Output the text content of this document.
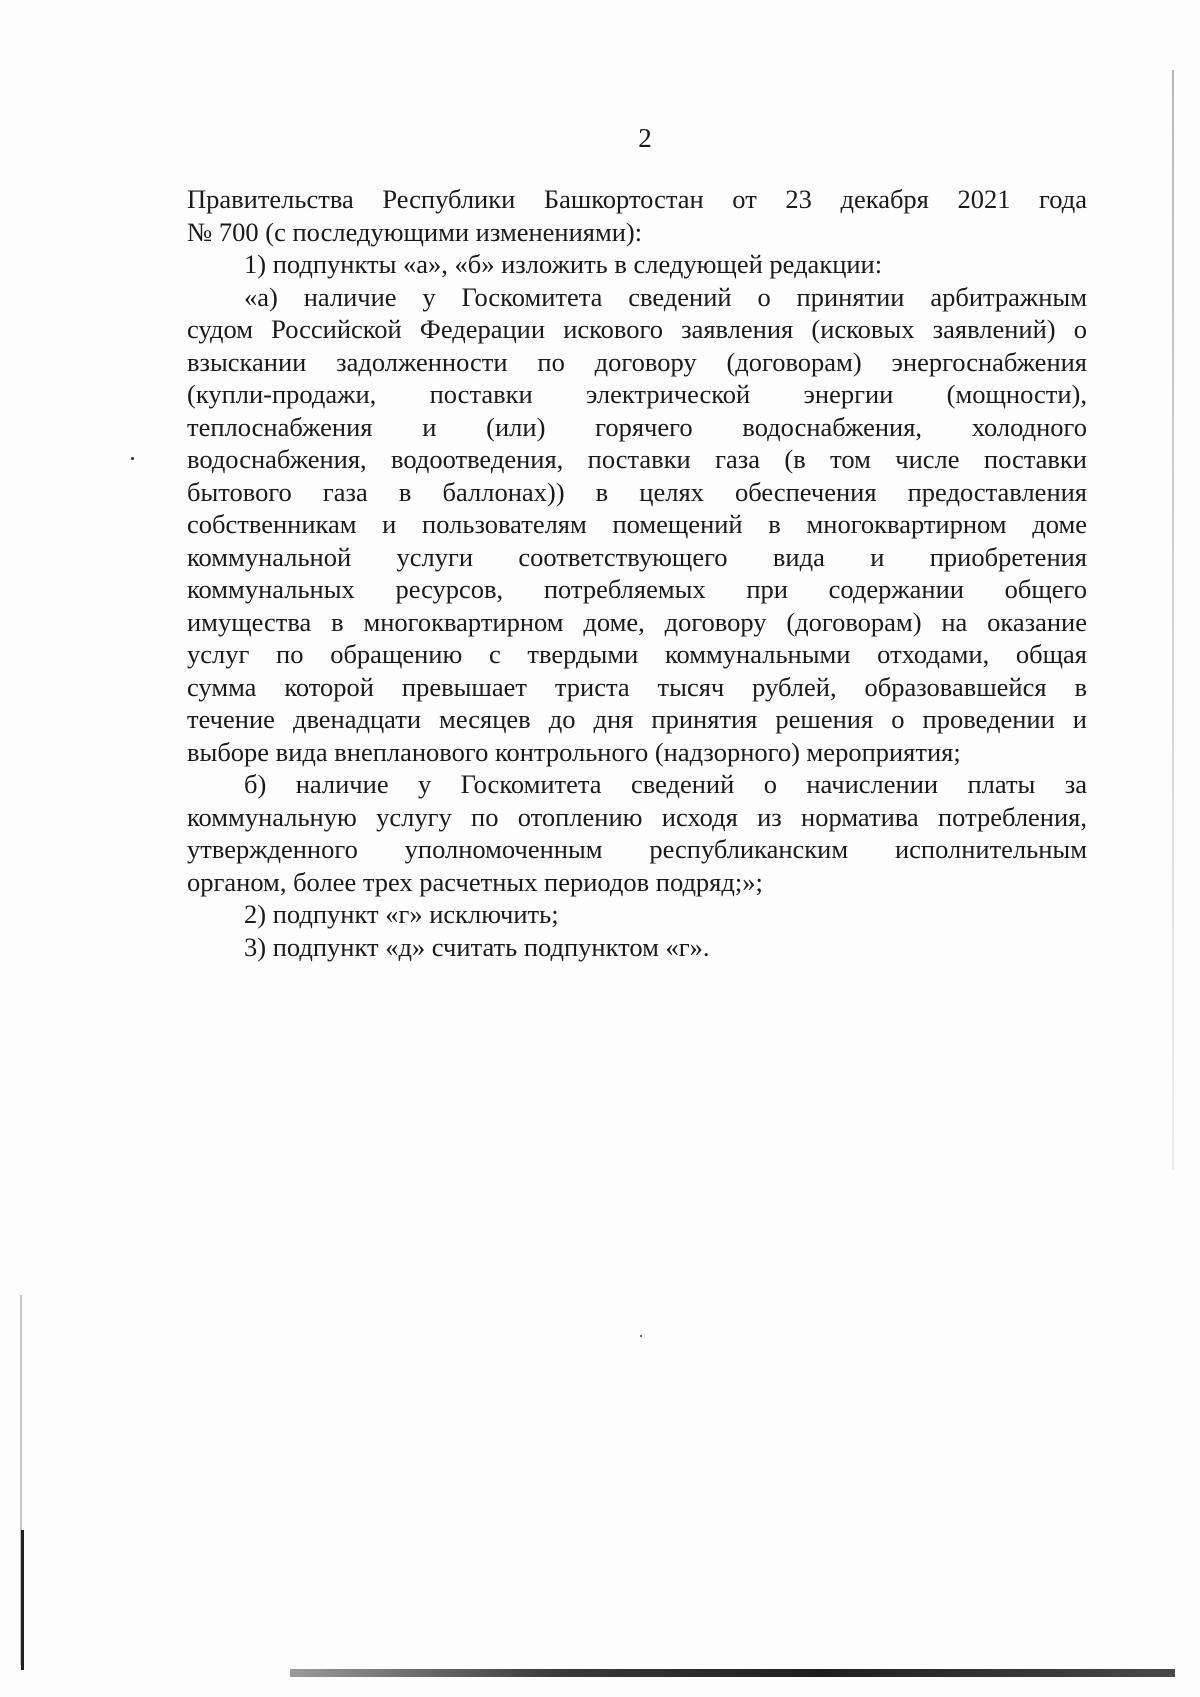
2
Правительства Республики Башкортостан от 23 декабря 2021 года
№ 700 (с последующими изменениями):
1) подпункты «а», «б» изложить в следующей редакции:
«а) наличие у Госкомитета сведений о принятии арбитражным
судом Российской Федерации искового заявления (исковых заявлений) о
взыскании задолженности по договору (договорам) энергоснабжения
(купли-продажи, поставки электрической энергии (мощности),
теплоснабжения и (или) горячего водоснабжения, холодного
водоснабжения, водоотведения, поставки газа (в том числе поставки
бытового газа в баллонах)) в целях обеспечения предоставления
собственникам и пользователям помещений в многоквартирном доме
коммунальной услуги соответствующего вида и приобретения
коммунальных ресурсов, потребляемых при содержании общего
имущества в многоквартирном доме, договору (договорам) на оказание
услуг по обращению с твердыми коммунальными отходами, общая
сумма которой превышает триста тысяч рублей, образовавшейся в
течение двенадцати месяцев до дня принятия решения о проведении и
выборе вида внепланового контрольного (надзорного) мероприятия;
б) наличие у Госкомитета сведений о начислении платы за
коммунальную услугу по отоплению исходя из норматива потребления,
утвержденного уполномоченным республиканским исполнительным
органом, более трех расчетных периодов подряд;»;
2) подпункт «г» исключить;
3) подпункт «д» считать подпунктом «г».
